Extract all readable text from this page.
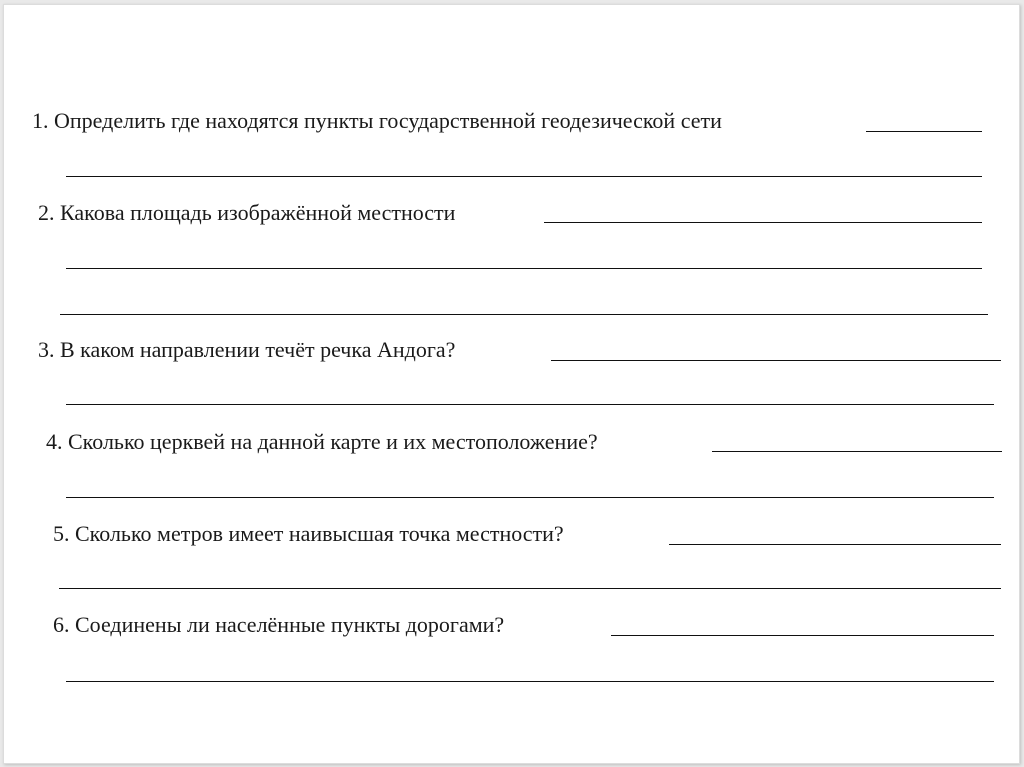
1. Определить где находятся пункты государственной геодезической сети
2. Какова площадь изображённой местности
3. В каком направлении течёт речка Андога?
4. Сколько церквей на данной карте и их местоположение?
5. Сколько метров имеет наивысшая точка местности?
6. Соединены ли населённые пункты дорогами?
